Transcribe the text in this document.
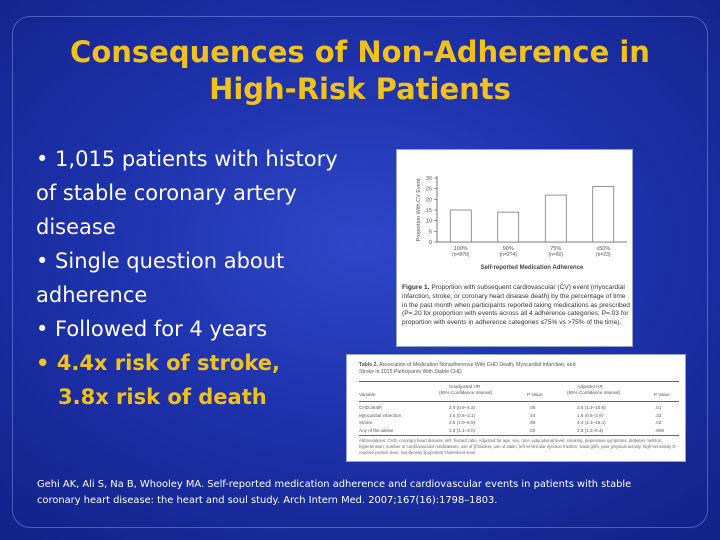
Consequences of Non-Adherence in
High-Risk Patients
• 1,015 patients with history of stable coronary artery disease
• Single question about adherence
• Followed for 4 years
• 4.4x risk of stroke,
3.8x risk of death
0
5
10
15
20
25
30
Proportion With CV Event
100%
(n=8?0)
90%
(n=2?4)
75%
(n=60)
≤50%
(n=23)
Self-reported Medication Adherence
Figure 1. Proportion with subsequent cardiovascular (CV) event (myocardial infarction, stroke, or coronary heart disease death) by the percentage of time in the past month when participants reported taking medications as prescribed (P=.20 for proportion with events across all 4 adherence categories; P=.03 for proportion with events in adherence categories ≤75% vs >75% of the time).
Table 2. Association of Medication Nonadherence With CHD Death, Myocardial Infarction, and Stroke in 1015 Participants With Stable CHD
Variable
Unadjusted HR
(95% Confidence Interval)	P Value
Adjusted HR
(95% Confidence Interval)	P Value
CHD death	2.0 (0.9–4.3)	.08	3.8 (1.3–10.9)	.01
Myocardial infarction	1.4 (0.6–3.1)	.44	1.6 (0.6–3.9)	.33
Stroke	2.6 (1.0–6.9)	.05	4.4 (1.3–15.4)	.02
Any of the above	1.8 (1.1–3.0)	.02	2.3 (1.2–4.4)	.008
Abbreviations: CHD, coronary heart disease; HR, hazard ratio. Adjusted for age, sex, race, educational level, smoking, depressive symptoms, diabetes mellitus, hypertension, number of cardiovascular medications, use of β-blocker, use of statin, left ventricular ejection fraction, waist girth, poor physical activity, high-sensitivity C-reactive protein level, low-density lipoprotein cholesterol level.
Gehi AK, Ali S, Na B, Whooley MA. Self-reported medication adherence and cardiovascular events in patients with stable coronary heart disease: the heart and soul study. Arch Intern Med. 2007;167(16):1798–1803.
